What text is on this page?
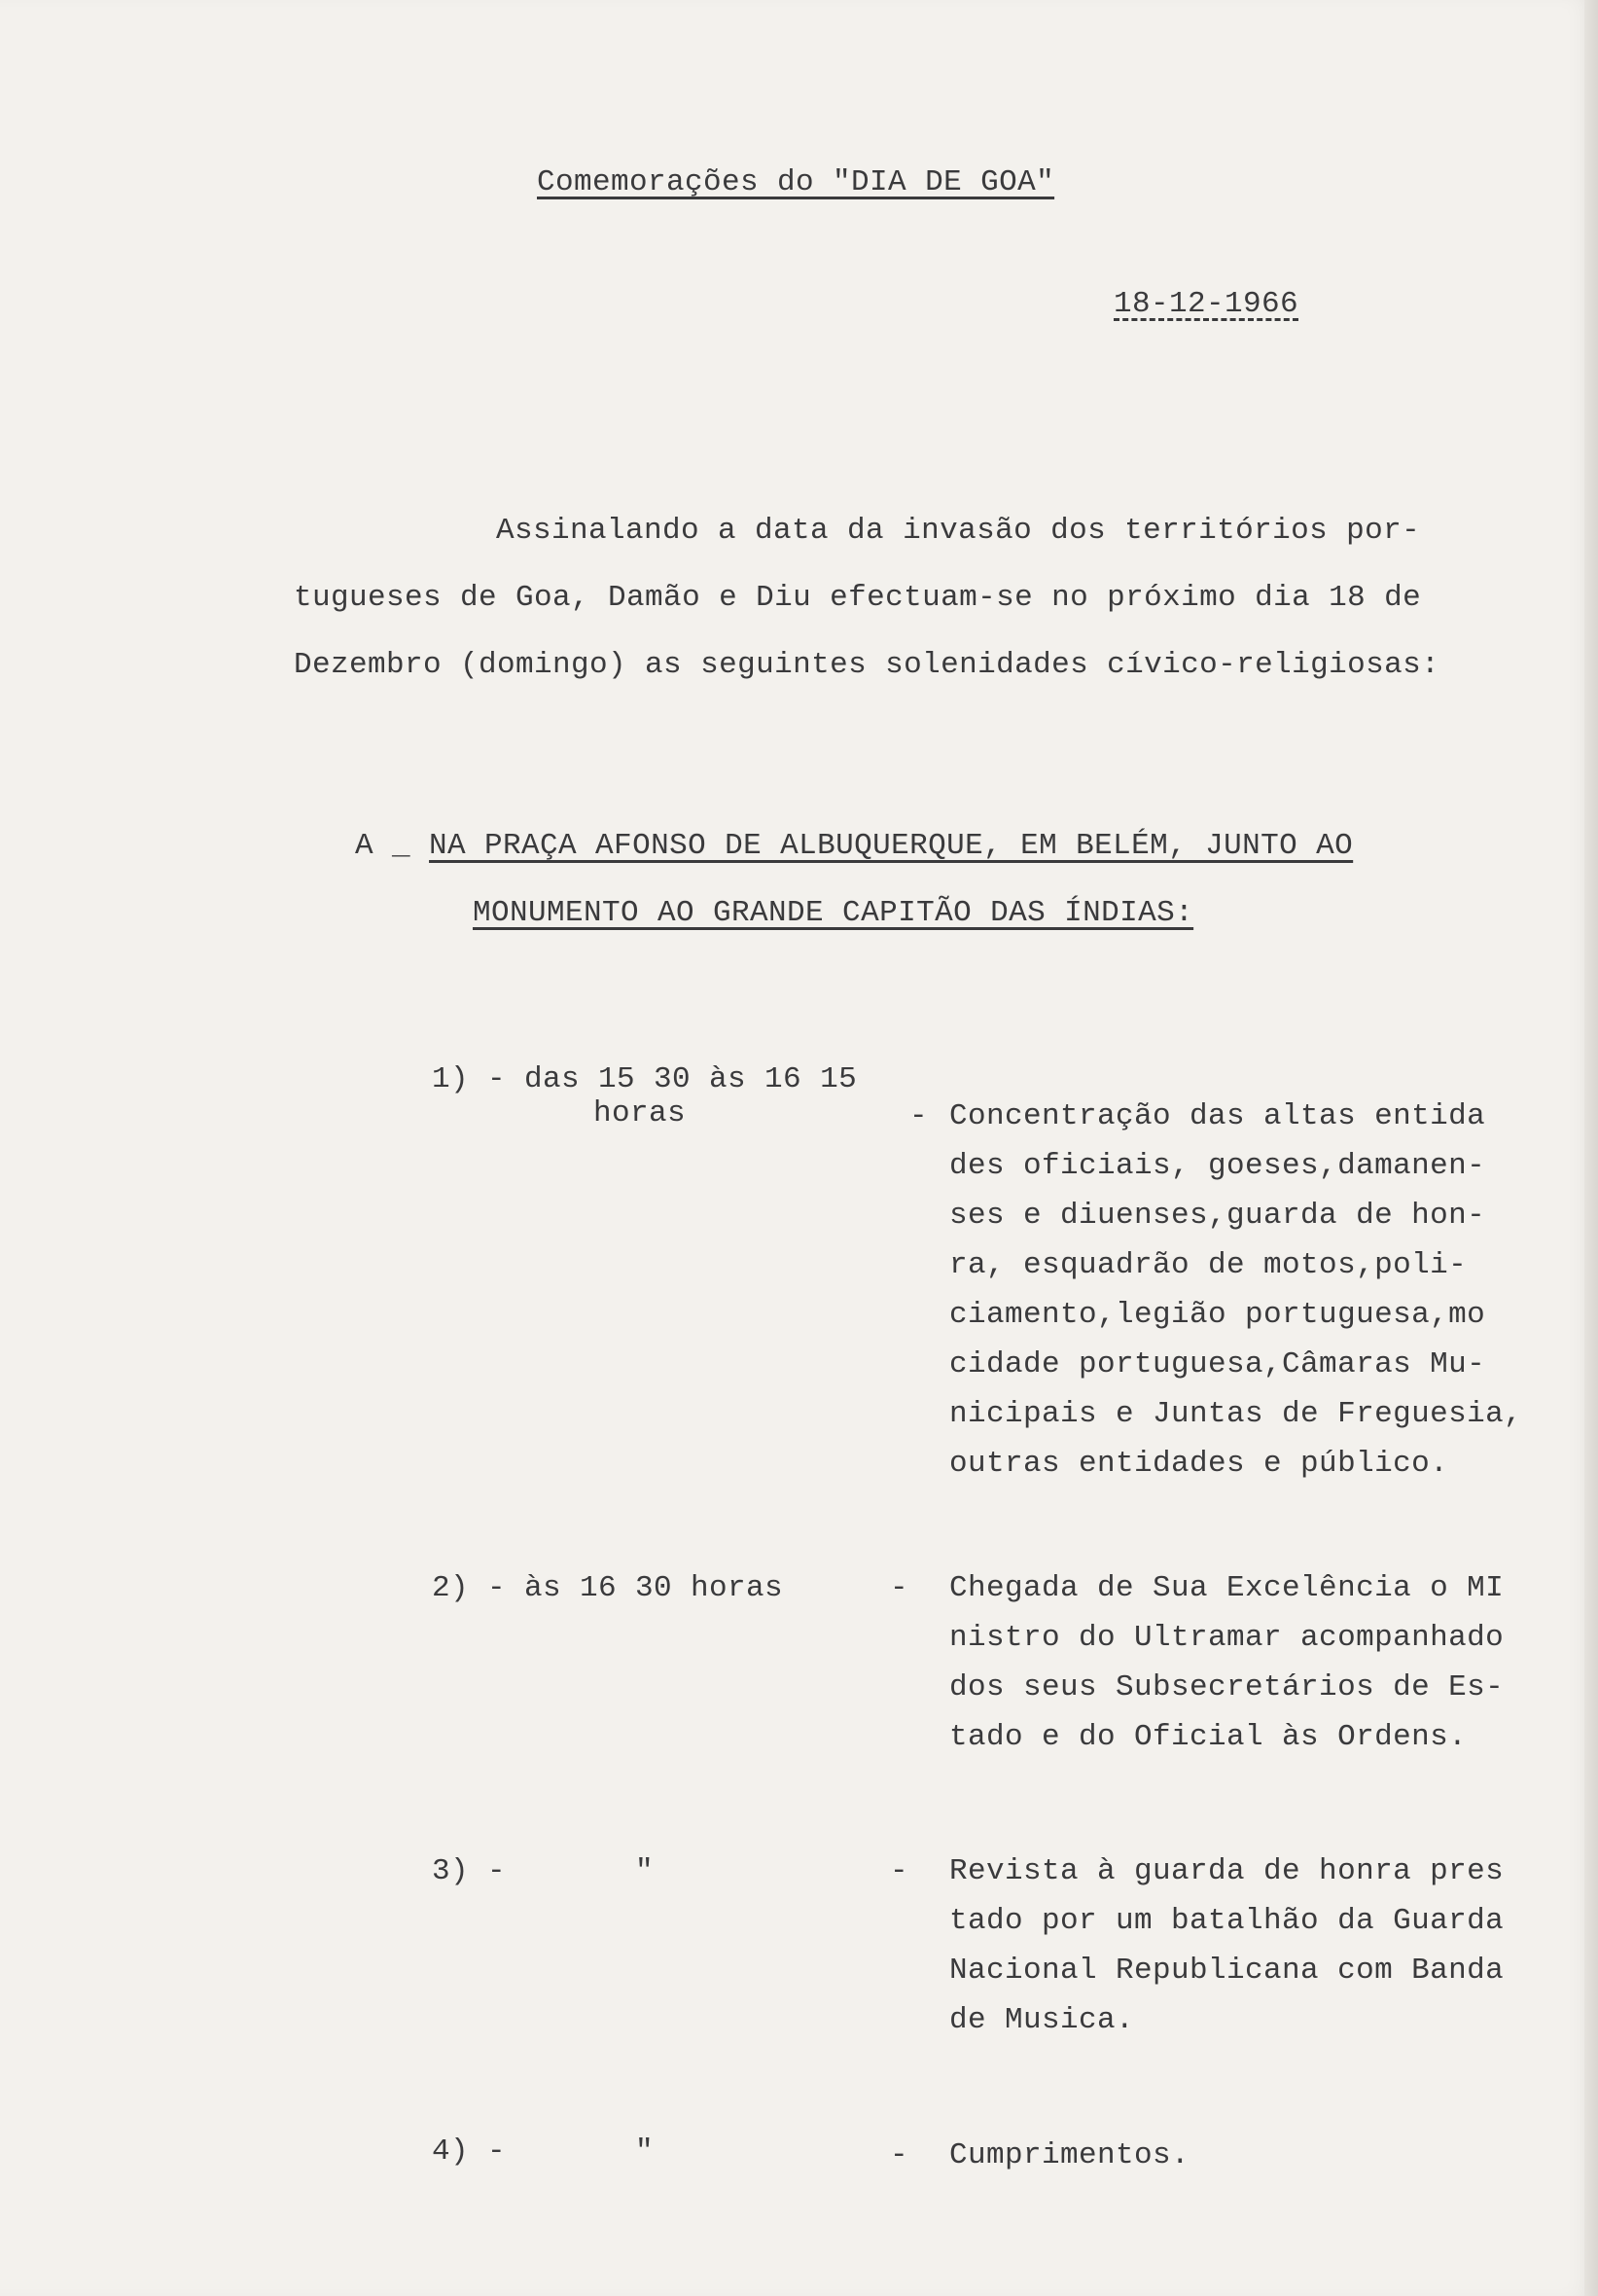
Comemorações do "DIA DE GOA"
18-12-1966
Assinalando a data da invasão dos territórios por-
tugueses de Goa, Damão e Diu efectuam-se no próximo dia 18 de
Dezembro (domingo) as seguintes solenidades cívico-religiosas:
A _ NA PRAÇA AFONSO DE ALBUQUERQUE, EM BELÉM, JUNTO AO
MONUMENTO AO GRANDE CAPITÃO DAS ÍNDIAS:
1) - das 15 30 às 16 15
horas	- Concentração das altas entida
des oficiais, goeses,damanen-
ses e diuenses,guarda de hon-
ra, esquadrão de motos,poli-
ciamento,legião portuguesa,mo
cidade portuguesa,Câmaras Mu-
nicipais e Juntas de Freguesia,
outras entidades e público.
2) - às 16 30 horas	- Chegada de Sua Excelência o MI
nistro do Ultramar acompanhado
dos seus Subsecretários de Es-
tado e do Oficial às Ordens.
3) -       "	- Revista à guarda de honra pres
tado por um batalhão da Guarda
Nacional Republicana com Banda
de Musica.
4) -       "	- Cumprimentos.
